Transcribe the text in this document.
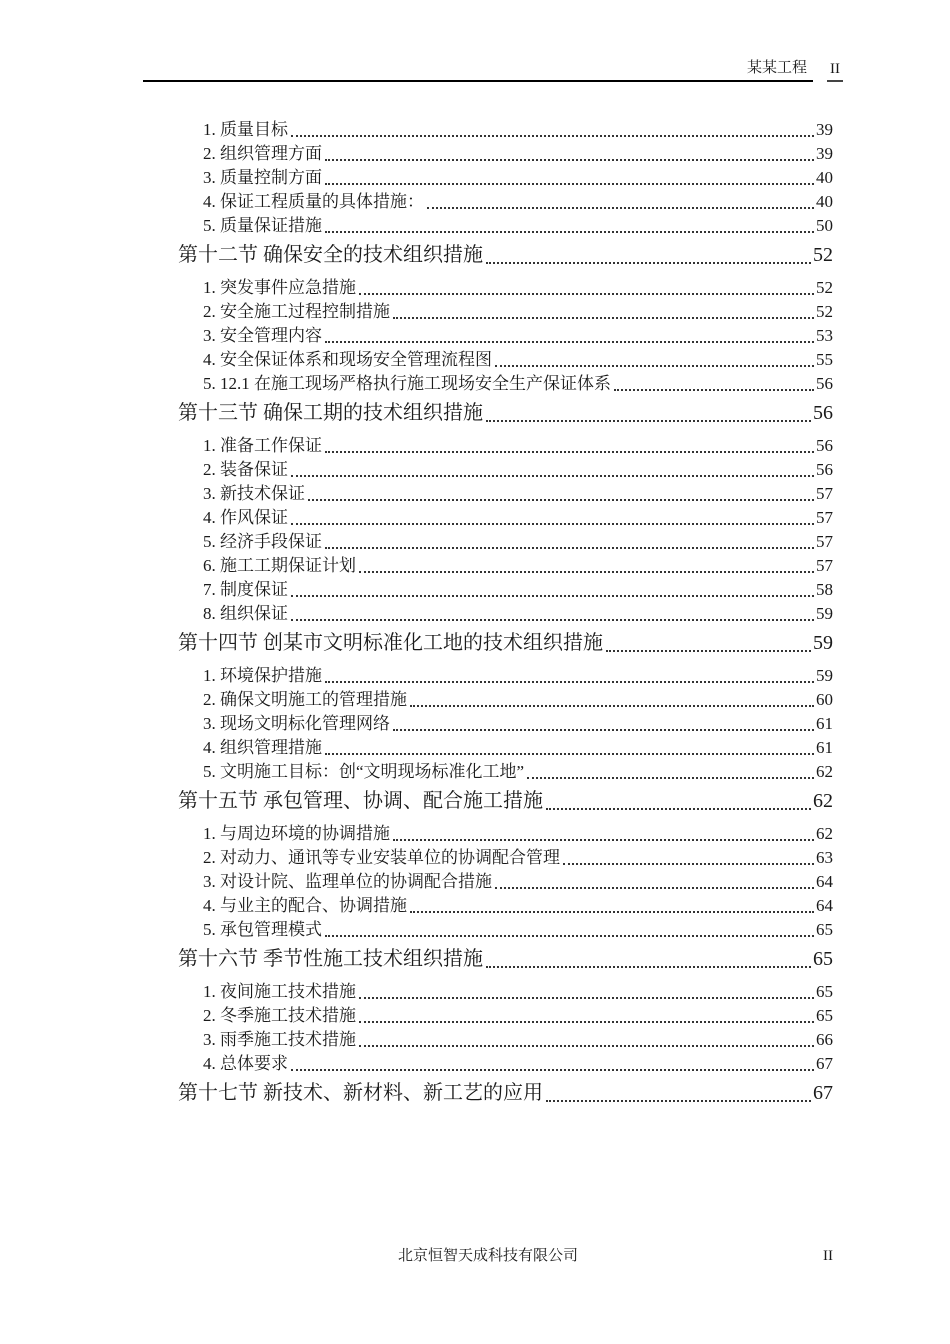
某某工程	II
1. 质量目标	39
2. 组织管理方面	39
3. 质量控制方面	40
4. 保证工程质量的具体措施：	40
5. 质量保证措施	50
第十二节 确保安全的技术组织措施	52
1. 突发事件应急措施	52
2. 安全施工过程控制措施	52
3. 安全管理内容	53
4. 安全保证体系和现场安全管理流程图	55
5. 12.1 在施工现场严格执行施工现场安全生产保证体系	56
第十三节 确保工期的技术组织措施	56
1. 准备工作保证	56
2. 装备保证	56
3. 新技术保证	57
4. 作风保证	57
5. 经济手段保证	57
6. 施工工期保证计划	57
7. 制度保证	58
8. 组织保证	59
第十四节 创某市文明标准化工地的技术组织措施	59
1. 环境保护措施	59
2. 确保文明施工的管理措施	60
3. 现场文明标化管理网络	61
4. 组织管理措施	61
5. 文明施工目标：创“文明现场标准化工地”	62
第十五节 承包管理、协调、配合施工措施	62
1. 与周边环境的协调措施	62
2. 对动力、通讯等专业安装单位的协调配合管理	63
3. 对设计院、监理单位的协调配合措施	64
4. 与业主的配合、协调措施	64
5. 承包管理模式	65
第十六节 季节性施工技术组织措施	65
1. 夜间施工技术措施	65
2. 冬季施工技术措施	65
3. 雨季施工技术措施	66
4. 总体要求	67
第十七节 新技术、新材料、新工艺的应用	67
北京恒智天成科技有限公司	II
